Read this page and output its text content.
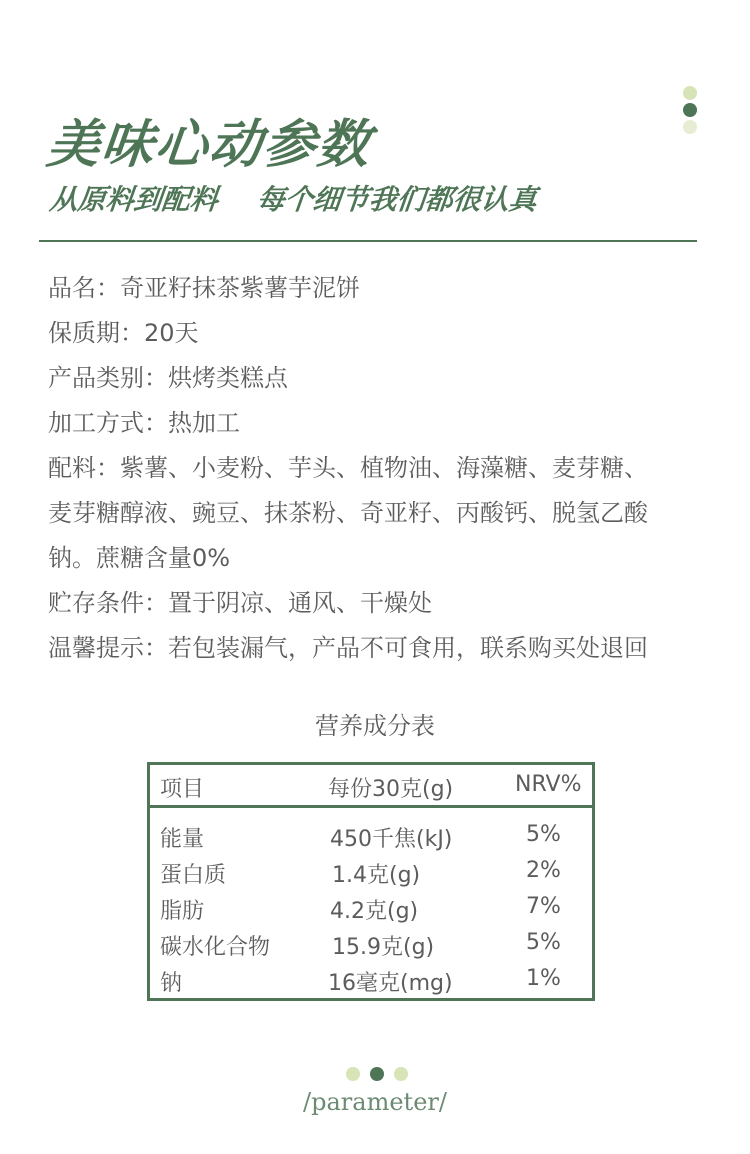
美味心动参数

从原料到配料    每个细节我们都很认真

品名：奇亚籽抹茶紫薯芋泥饼

保质期：20天

产品类别：烘烤类糕点

加工方式：热加工

配料：紫薯、小麦粉、芋头、植物油、海藻糖、麦芽糖、

麦芽糖醇液、豌豆、抹茶粉、奇亚籽、丙酸钙、脱氢乙酸

钠。蔗糖含量0%

贮存条件：置于阴凉、通风、干燥处

温馨提示：若包装漏气，产品不可食用，联系购买处退回

营养成分表

项目	每份30克(g)	NRV%
能量	450千焦(kJ)	5%
蛋白质	1.4克(g)	2%
脂肪	4.2克(g)	7%
碳水化合物	15.9克(g)	5%
钠	16毫克(mg)	1%

/parameter/
